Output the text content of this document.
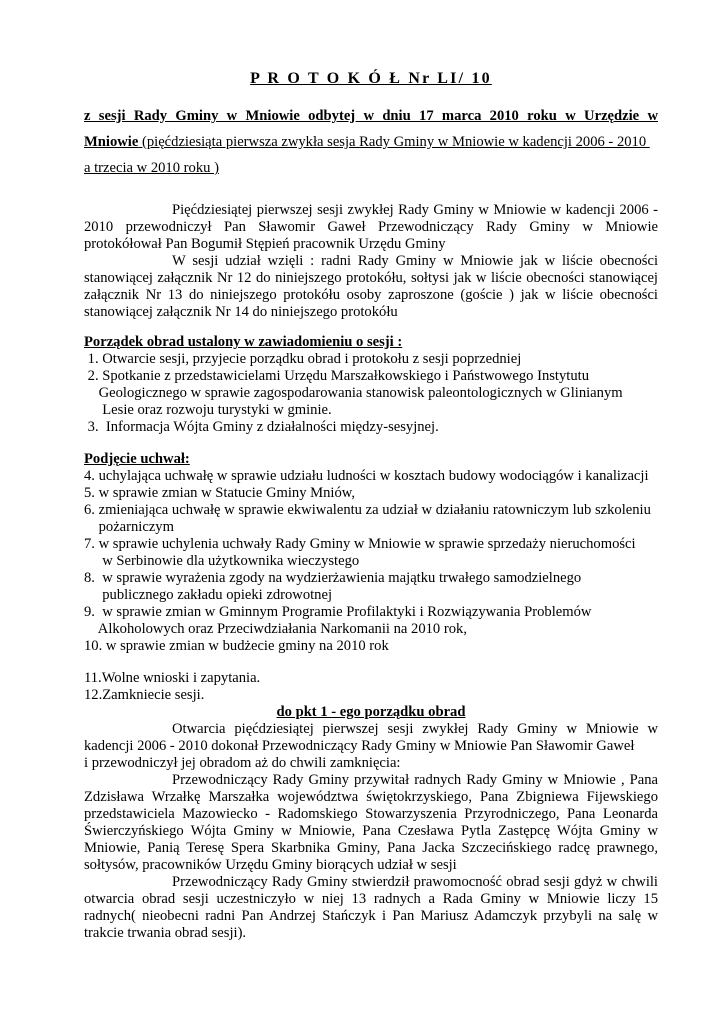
P R O T O K Ó Ł Nr LI/ 10
z sesji Rady Gminy w Mniowie odbytej w dniu 17 marca 2010 roku w Urzędzie w
Mniowie (pięćdziesiąta pierwsza zwykła sesja Rady Gminy w Mniowie w kadencji 2006 - 2010
a trzecia w 2010 roku )
Pięćdziesiątej pierwszej sesji zwykłej Rady Gminy w Mniowie w kadencji 2006 -
2010 przewodniczył Pan Sławomir Gaweł Przewodniczący Rady Gminy w Mniowie
protokółował Pan Bogumił Stępień pracownik Urzędu Gminy
W sesji udział wzięli : radni Rady Gminy w Mniowie jak w liście obecności
stanowiącej załącznik Nr 12 do niniejszego protokółu, sołtysi jak w liście obecności stanowiącej
załącznik Nr 13 do niniejszego protokółu osoby zaproszone (goście ) jak w liście obecności
stanowiącej załącznik Nr 14 do niniejszego protokółu
Porządek obrad ustalony w zawiadomieniu o sesji :
1. Otwarcie sesji, przyjecie porządku obrad i protokołu z sesji poprzedniej
2. Spotkanie z przedstawicielami Urzędu Marszałkowskiego i Państwowego Instytutu
Geologicznego w sprawie zagospodarowania stanowisk paleontologicznych w Glinianym
Lesie oraz rozwoju turystyki w gminie.
3.  Informacja Wójta Gminy z działalności między-sesyjnej.
Podjęcie uchwał:
4. uchylająca uchwałę w sprawie udziału ludności w kosztach budowy wodociągów i kanalizacji
5. w sprawie zmian w Statucie Gminy Mniów,
6. zmieniająca uchwałę w sprawie ekwiwalentu za udział w działaniu ratowniczym lub szkoleniu
pożarniczym
7. w sprawie uchylenia uchwały Rady Gminy w Mniowie w sprawie sprzedaży nieruchomości
w Serbinowie dla użytkownika wieczystego
8.  w sprawie wyrażenia zgody na wydzierżawienia majątku trwałego samodzielnego
publicznego zakładu opieki zdrowotnej
9.  w sprawie zmian w Gminnym Programie Profilaktyki i Rozwiązywania Problemów
Alkoholowych oraz Przeciwdziałania Narkomanii na 2010 rok,
10. w sprawie zmian w budżecie gminy na 2010 rok
11.Wolne wnioski i zapytania.
12.Zamkniecie sesji.
do pkt 1 - ego porządku obrad
Otwarcia pięćdziesiątej pierwszej sesji zwykłej Rady Gminy w Mniowie w
kadencji 2006 - 2010 dokonał Przewodniczący Rady Gminy w Mniowie Pan Sławomir Gaweł
i przewodniczył jej obradom aż do chwili zamknięcia:
Przewodniczący Rady Gminy przywitał radnych Rady Gminy w Mniowie , Pana
Zdzisława Wrzałkę Marszałka województwa świętokrzyskiego, Pana Zbigniewa Fijewskiego
przedstawiciela Mazowiecko - Radomskiego Stowarzyszenia Przyrodniczego, Pana Leonarda
Świerczyńskiego Wójta Gminy w Mniowie, Pana Czesława Pytla Zastępcę Wójta Gminy w
Mniowie, Panią Teresę Spera Skarbnika Gminy, Pana Jacka Szczecińskiego radcę prawnego,
sołtysów, pracowników Urzędu Gminy biorących udział w sesji
Przewodniczący Rady Gminy stwierdził prawomocność obrad sesji gdyż w chwili
otwarcia obrad sesji uczestniczyło w niej 13 radnych a Rada Gminy w Mniowie liczy 15
radnych( nieobecni radni Pan Andrzej Stańczyk i Pan Mariusz Adamczyk przybyli na salę w
trakcie trwania obrad sesji).
